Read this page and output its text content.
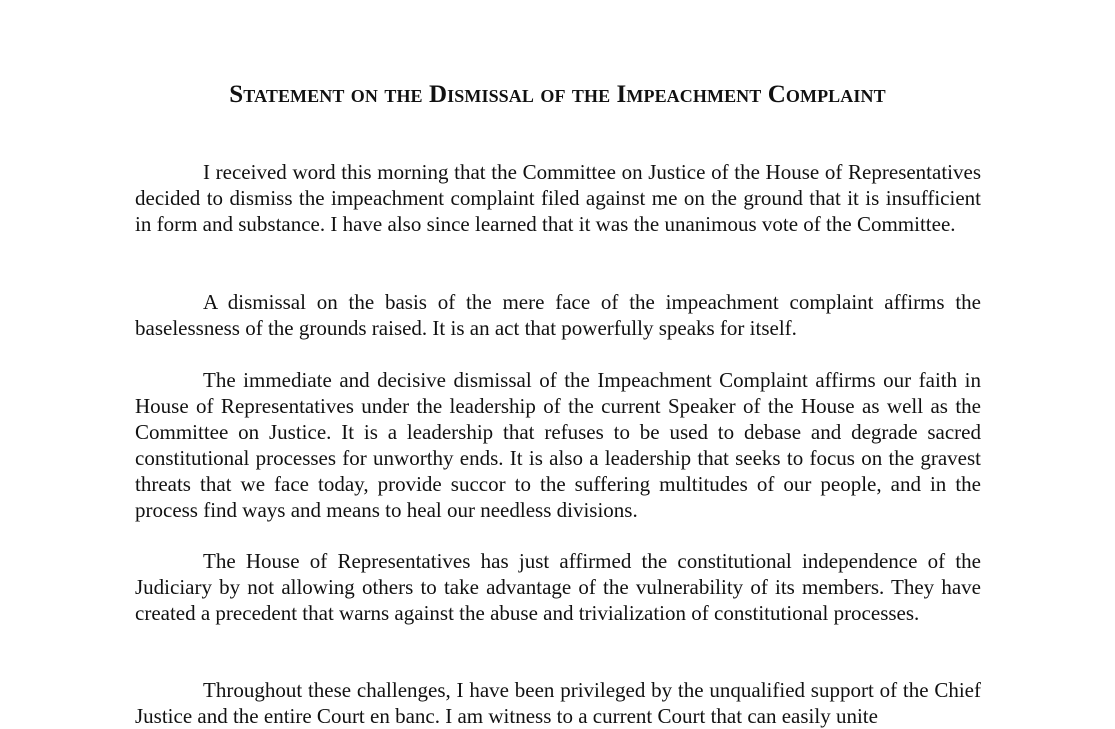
Statement on the Dismissal of the Impeachment Complaint

I received word this morning that the Committee on Justice of the House of Representatives decided to dismiss the impeachment complaint filed against me on the ground that it is insufficient in form and substance. I have also since learned that it was the unanimous vote of the Committee.

A dismissal on the basis of the mere face of the impeachment complaint affirms the baselessness of the grounds raised. It is an act that powerfully speaks for itself.

The immediate and decisive dismissal of the Impeachment Complaint affirms our faith in House of Representatives under the leadership of the current Speaker of the House as well as the Committee on Justice. It is a leadership that refuses to be used to debase and degrade sacred constitutional processes for unworthy ends. It is also a leadership that seeks to focus on the gravest threats that we face today, provide succor to the suffering multitudes of our people, and in the process find ways and means to heal our needless divisions.

The House of Representatives has just affirmed the constitutional independence of the Judiciary by not allowing others to take advantage of the vulnerability of its members. They have created a precedent that warns against the abuse and trivialization of constitutional processes.

Throughout these challenges, I have been privileged by the unqualified support of the Chief Justice and the entire Court en banc. I am witness to a current Court that can easily unite
